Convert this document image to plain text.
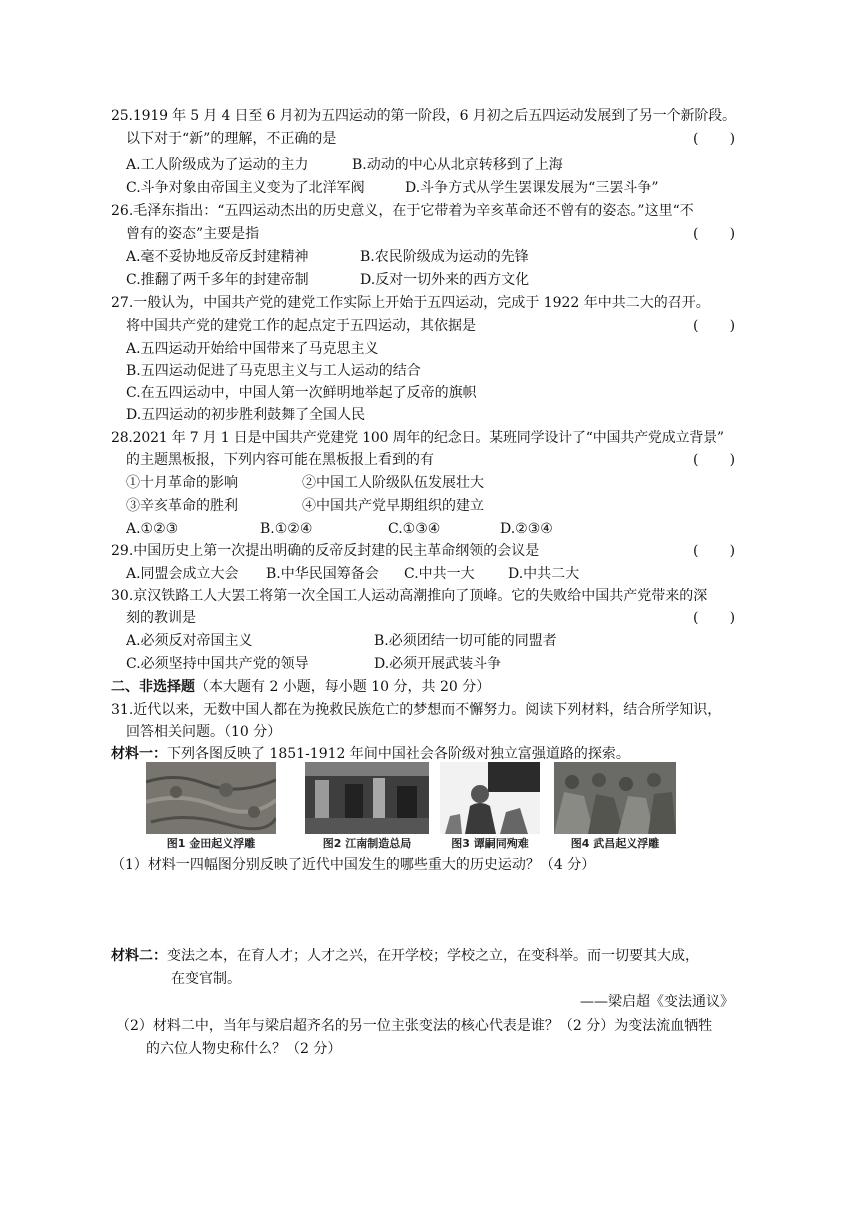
25.1919 年 5 月 4 日至 6 月初为五四运动的第一阶段，6 月初之后五四运动发展到了另一个新阶段。
以下对于“新”的理解，不正确的是	(       )
A.工人阶级成为了运动的主力	B.动动的中心从北京转移到了上海
C.斗争对象由帝国主义变为了北洋军阀	D.斗争方式从学生罢课发展为“三罢斗争”
26.毛泽东指出：“五四运动杰出的历史意义，在于它带着为辛亥革命还不曾有的姿态。”这里“不
曾有的姿态”主要是指	(       )
A.毫不妥协地反帝反封建精神	B.农民阶级成为运动的先锋
C.推翻了两千多年的封建帝制	D.反对一切外来的西方文化
27.一般认为，中国共产党的建党工作实际上开始于五四运动，完成于 1922 年中共二大的召开。
将中国共产党的建党工作的起点定于五四运动，其依据是	(       )
A.五四运动开始给中国带来了马克思主义
B.五四运动促进了马克思主义与工人运动的结合
C.在五四运动中，中国人第一次鲜明地举起了反帝的旗帜
D.五四运动的初步胜利鼓舞了全国人民
28.2021 年 7 月 1 日是中国共产党建党 100 周年的纪念日。某班同学设计了“中国共产党成立背景”
的主题黑板报，下列内容可能在黑板报上看到的有	(       )
①十月革命的影响	②中国工人阶级队伍发展壮大
③辛亥革命的胜利	④中国共产党早期组织的建立
A.①②③	B.①②④	C.①③④	D.②③④
29.中国历史上第一次提出明确的反帝反封建的民主革命纲领的会议是	(       )
A.同盟会成立大会 B.中华民国筹备会 C.中共一大 D.中共二大
30.京汉铁路工人大罢工将第一次全国工人运动高潮推向了顶峰。它的失败给中国共产党带来的深
刻的教训是	(       )
A.必须反对帝国主义	B.必须团结一切可能的同盟者
C.必须坚持中国共产党的领导	D.必须开展武装斗争
二、非选择题（本大题有 2 小题，每小题 10 分，共 20 分）
31.近代以来，无数中国人都在为挽救民族危亡的梦想而不懈努力。阅读下列材料，结合所学知识，
回答相关问题。（10 分）
材料一：下列各图反映了 1851-1912 年间中国社会各阶级对独立富强道路的探索。
图1 金田起义浮雕	图2 江南制造总局	图3 谭嗣同殉难	图4 武昌起义浮雕
（1）材料一四幅图分别反映了近代中国发生的哪些重大的历史运动？（4 分）
材料二：变法之本，在育人才；人才之兴，在开学校；学校之立，在变科举。而一切要其大成，
在变官制。
——梁启超《变法通议》
（2）材料二中，当年与梁启超齐名的另一位主张变法的核心代表是谁？（2 分）为变法流血牺牲
的六位人物史称什么？（2 分）
